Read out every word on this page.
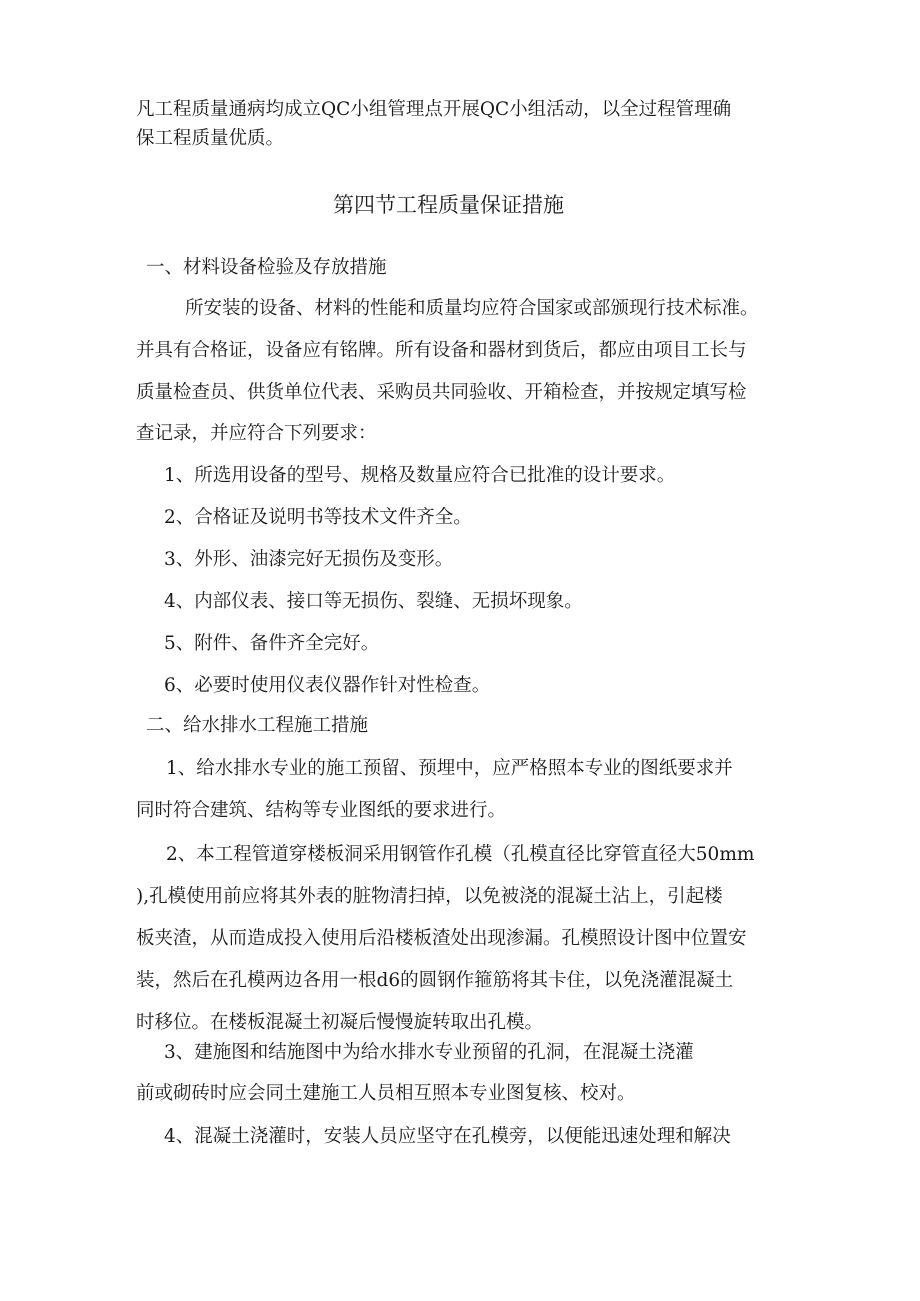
凡工程质量通病均成立QC小组管理点开展QC小组活动，以全过程管理确
保工程质量优质。
第四节工程质量保证措施
一、材料设备检验及存放措施
所安装的设备、材料的性能和质量均应符合国家或部颁现行技术标准。
并具有合格证，设备应有铭牌。所有设备和器材到货后，都应由项目工长与
质量检查员、供货单位代表、采购员共同验收、开箱检查，并按规定填写检
查记录，并应符合下列要求：
1、所选用设备的型号、规格及数量应符合已批准的设计要求。
2、合格证及说明书等技术文件齐全。
3、外形、油漆完好无损伤及变形。
4、内部仪表、接口等无损伤、裂缝、无损坏现象。
5、附件、备件齐全完好。
6、必要时使用仪表仪器作针对性检查。
二、给水排水工程施工措施
1、给水排水专业的施工预留、预埋中，应严格照本专业的图纸要求并
同时符合建筑、结构等专业图纸的要求进行。
2、本工程管道穿楼板洞采用钢管作孔模（孔模直径比穿管直径大50mm
),孔模使用前应将其外表的脏物清扫掉，以免被浇的混凝土沾上，引起楼
板夹渣，从而造成投入使用后沿楼板渣处出现渗漏。孔模照设计图中位置安
装，然后在孔模两边各用一根d6的圆钢作箍筋将其卡住，以免浇灌混凝土
时移位。在楼板混凝土初凝后慢慢旋转取出孔模。
3、建施图和结施图中为给水排水专业预留的孔洞，在混凝土浇灌
前或砌砖时应会同土建施工人员相互照本专业图复核、校对。
4、混凝土浇灌时，安装人员应坚守在孔模旁，以便能迅速处理和解决
